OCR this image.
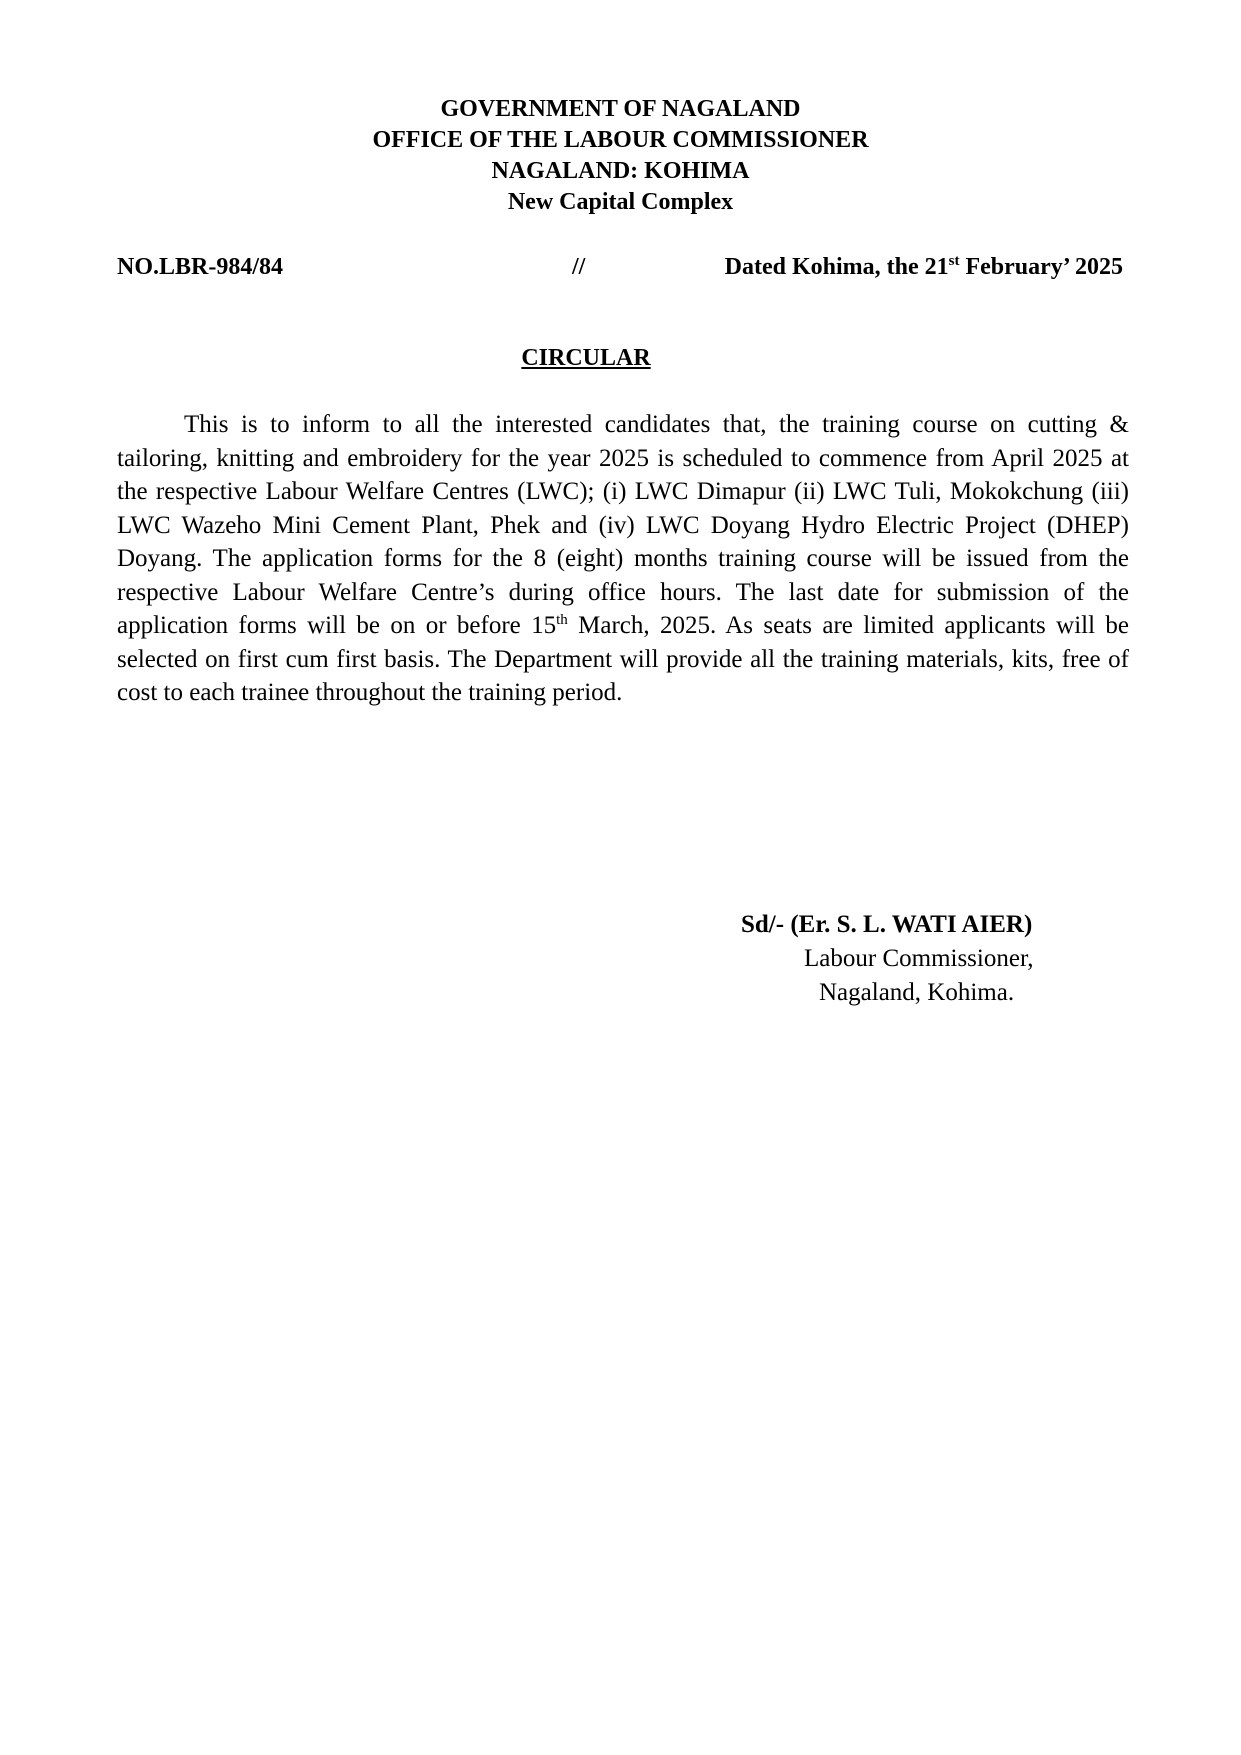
GOVERNMENT OF NAGALAND
OFFICE OF THE LABOUR COMMISSIONER
NAGALAND: KOHIMA
New Capital Complex
NO.LBR-984/84	//	Dated Kohima, the 21st February’ 2025
CIRCULAR

This is to inform to all the interested candidates that, the training course on cutting & tailoring, knitting and embroidery for the year 2025 is scheduled to commence from April 2025 at the respective Labour Welfare Centres (LWC); (i) LWC Dimapur (ii) LWC Tuli, Mokokchung (iii) LWC Wazeho Mini Cement Plant, Phek and (iv) LWC Doyang Hydro Electric Project (DHEP) Doyang. The application forms for the 8 (eight) months training course will be issued from the respective Labour Welfare Centre’s during office hours. The last date for submission of the application forms will be on or before 15th March, 2025. As seats are limited applicants will be selected on first cum first basis. The Department will provide all the training materials, kits, free of cost to each trainee throughout the training period.

Sd/- (Er. S. L. WATI AIER)
Labour Commissioner,
Nagaland, Kohima.
